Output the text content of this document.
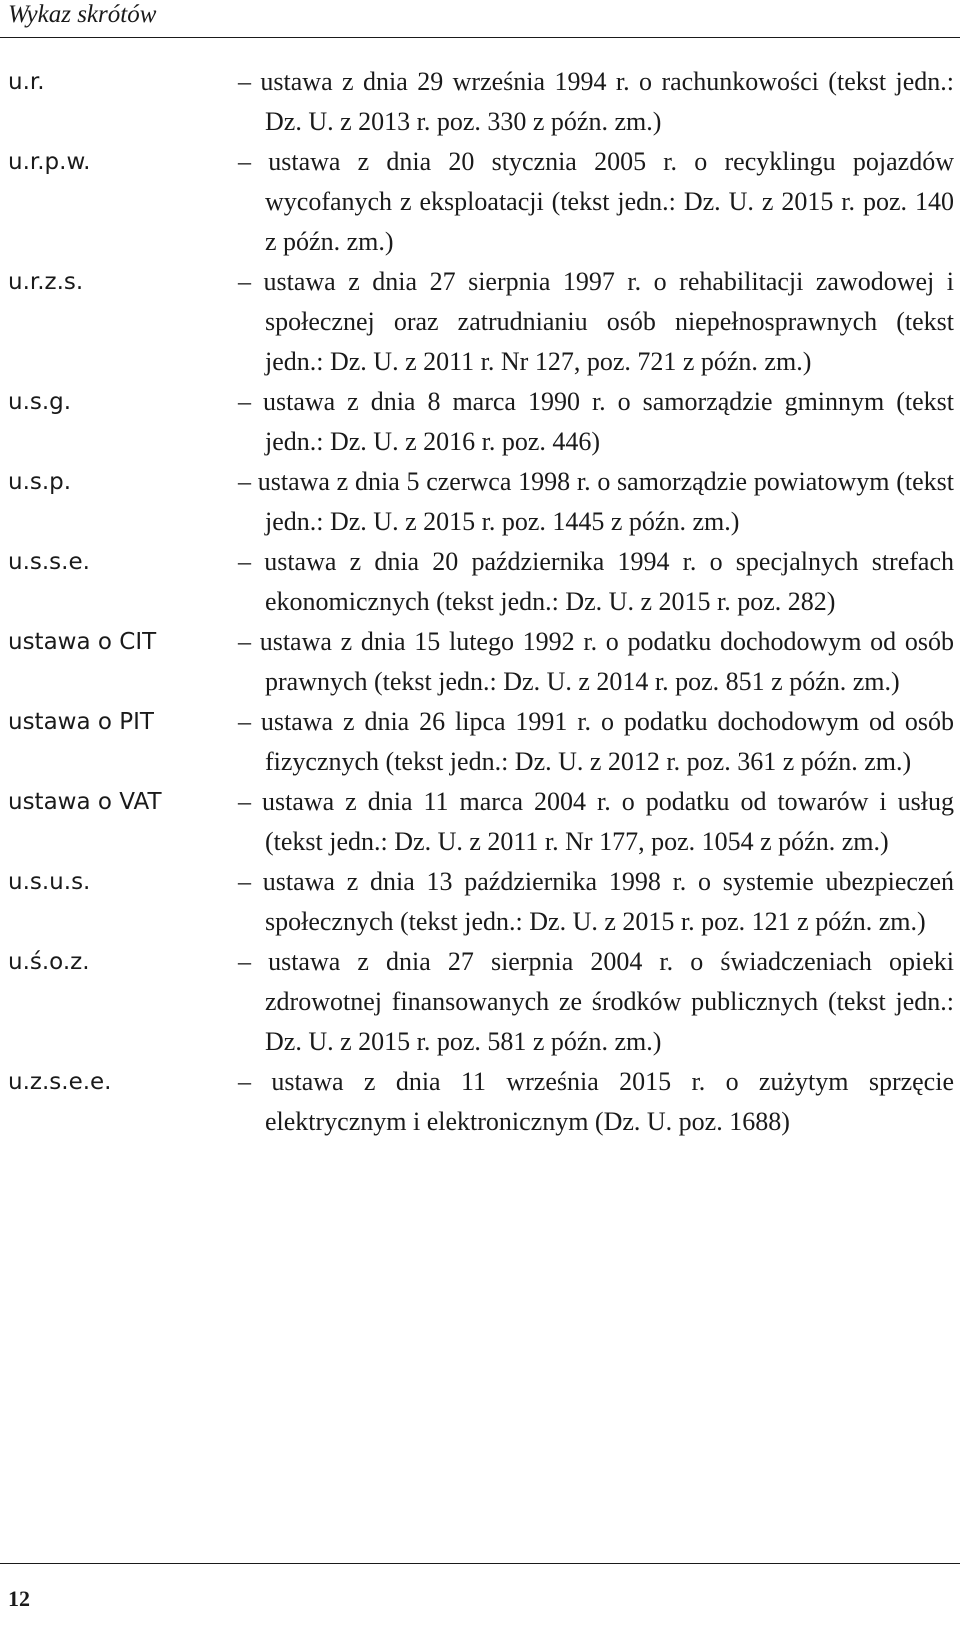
Wykaz skrótów
u.r.	– ustawa z dnia 29 września 1994 r. o rachunkowości (tekst jedn.: Dz. U. z 2013 r. poz. 330 z późn. zm.)
u.r.p.w.	– ustawa z dnia 20 stycznia 2005 r. o recyklingu pojazdów wycofanych z eksploatacji (tekst jedn.: Dz. U. z 2015 r. poz. 140 z późn. zm.)
u.r.z.s.	– ustawa z dnia 27 sierpnia 1997 r. o rehabilitacji zawodowej i społecznej oraz zatrudnianiu osób niepełnosprawnych (tekst jedn.: Dz. U. z 2011 r. Nr 127, poz. 721 z późn. zm.)
u.s.g.	– ustawa z dnia 8 marca 1990 r. o samorządzie gminnym (tekst jedn.: Dz. U. z 2016 r. poz. 446)
u.s.p.	– ustawa z dnia 5 czerwca 1998 r. o samorządzie powiatowym (tekst jedn.: Dz. U. z 2015 r. poz. 1445 z późn. zm.)
u.s.s.e.	– ustawa z dnia 20 października 1994 r. o specjalnych strefach ekonomicznych (tekst jedn.: Dz. U. z 2015 r. poz. 282)
ustawa o CIT	– ustawa z dnia 15 lutego 1992 r. o podatku dochodowym od osób prawnych (tekst jedn.: Dz. U. z 2014 r. poz. 851 z późn. zm.)
ustawa o PIT	– ustawa z dnia 26 lipca 1991 r. o podatku dochodowym od osób fizycznych (tekst jedn.: Dz. U. z 2012 r. poz. 361 z późn. zm.)
ustawa o VAT	– ustawa z dnia 11 marca 2004 r. o podatku od towarów i usług (tekst jedn.: Dz. U. z 2011 r. Nr 177, poz. 1054 z późn. zm.)
u.s.u.s.	– ustawa z dnia 13 października 1998 r. o systemie ubezpieczeń społecznych (tekst jedn.: Dz. U. z 2015 r. poz. 121 z późn. zm.)
u.ś.o.z.	– ustawa z dnia 27 sierpnia 2004 r. o świadczeniach opieki zdrowotnej finansowanych ze środków publicznych (tekst jedn.: Dz. U. z 2015 r. poz. 581 z późn. zm.)
u.z.s.e.e.	– ustawa z dnia 11 września 2015 r. o zużytym sprzęcie elektrycznym i elektronicznym (Dz. U. poz. 1688)
12
